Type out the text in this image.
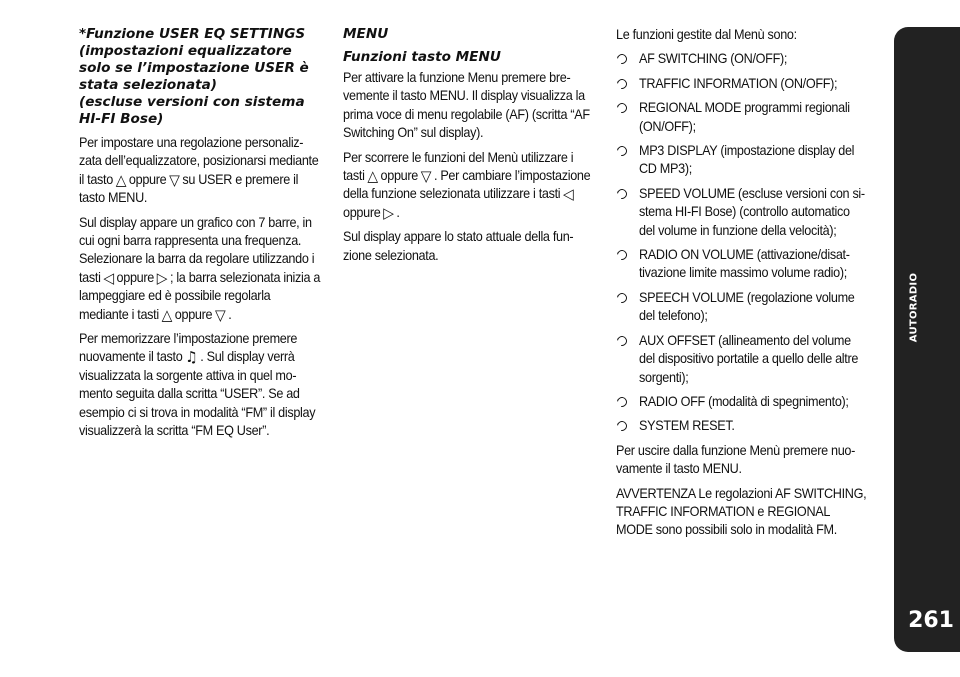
*Funzione USER EQ SETTINGS
(impostazioni equalizzatore
solo se l’impostazione USER è
stata selezionata)
(escluse versioni con sistema
HI-FI Bose)

Per impostare una regolazione personalizzata dell’equalizzatore, posizionarsi mediante il tasto △ oppure ▽ su USER e premere il tasto MENU.

Sul display appare un grafico con 7 barre, in cui ogni barra rappresenta una frequenza. Selezionare la barra da regolare utilizzando i tasti ◁ oppure ▷ ; la barra selezionata inizia a lampeggiare ed è possibile regolarla mediante i tasti △ oppure ▽ .

Per memorizzare l’impostazione premere nuovamente il tasto ♫ . Sul display verrà visualizzata la sorgente attiva in quel momento seguita dalla scritta “USER”. Se ad esempio ci si trova in modalità “FM” il display visualizzerà la scritta “FM EQ User”.

MENU
Funzioni tasto MENU

Per attivare la funzione Menu premere brevemente il tasto MENU. Il display visualizza la prima voce di menu regolabile (AF) (scritta “AF Switching On” sul display).

Per scorrere le funzioni del Menù utilizzare i tasti △ oppure ▽ . Per cambiare l’impostazione della funzione selezionata utilizzare i tasti ◁oppure ▷ .

Sul display appare lo stato attuale della funzione selezionata.

Le funzioni gestite dal Menù sono:

AF SWITCHING (ON/OFF);
TRAFFIC INFORMATION (ON/OFF);
REGIONAL MODE programmi regionali (ON/OFF);
MP3 DISPLAY (impostazione display del CD MP3);
SPEED VOLUME (escluse versioni con sistema HI-FI Bose) (controllo automatico del volume in funzione della velocità);
RADIO ON VOLUME (attivazione/disattivazione limite massimo volume radio);
SPEECH VOLUME (regolazione volume del telefono);
AUX OFFSET (allineamento del volume del dispositivo portatile a quello delle altre sorgenti);
RADIO OFF (modalità di spegnimento);
SYSTEM RESET.

Per uscire dalla funzione Menù premere nuovamente il tasto MENU.

AVVERTENZA Le regolazioni AF SWITCHING, TRAFFIC INFORMATION e REGIONAL MODE sono possibili solo in modalità FM.

AUTORADIO
261
